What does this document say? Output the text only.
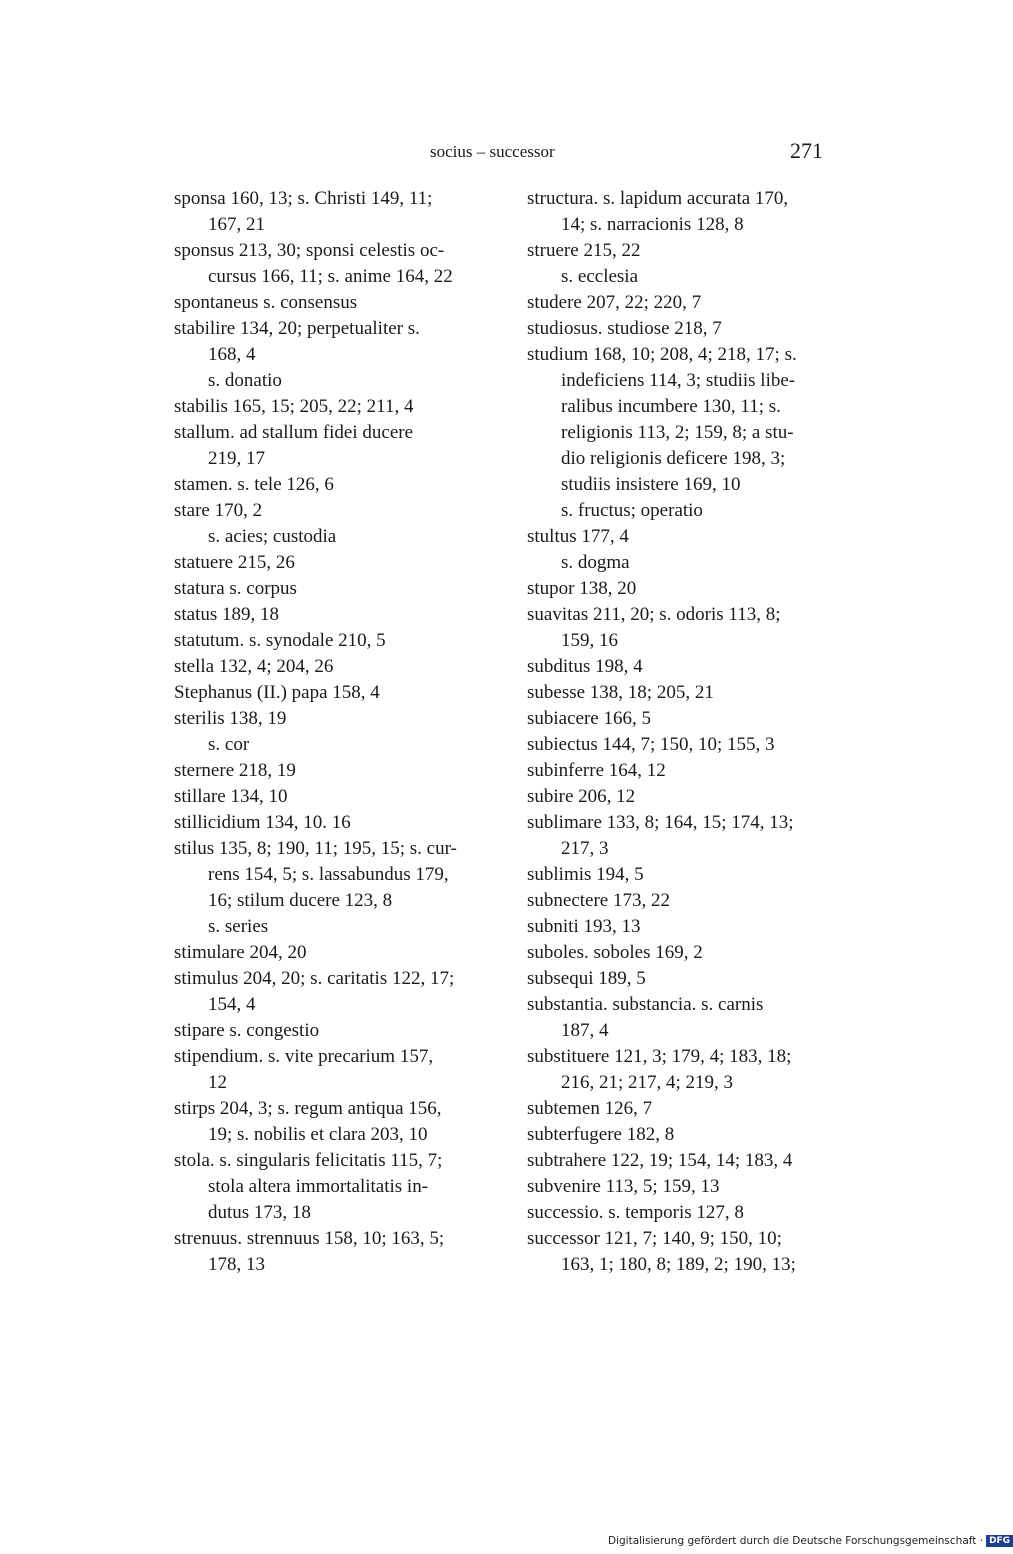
socius – successor	271
sponsa 160, 13; s. Christi 149, 11;
167, 21
sponsus 213, 30; sponsi celestis oc-
cursus 166, 11; s. anime 164, 22
spontaneus s. consensus
stabilire 134, 20; perpetualiter s.
168, 4
s. donatio
stabilis 165, 15; 205, 22; 211, 4
stallum. ad stallum fidei ducere
219, 17
stamen. s. tele 126, 6
stare 170, 2
s. acies; custodia
statuere 215, 26
statura s. corpus
status 189, 18
statutum. s. synodale 210, 5
stella 132, 4; 204, 26
Stephanus (II.) papa 158, 4
sterilis 138, 19
s. cor
sternere 218, 19
stillare 134, 10
stillicidium 134, 10. 16
stilus 135, 8; 190, 11; 195, 15; s. cur-
rens 154, 5; s. lassabundus 179,
16; stilum ducere 123, 8
s. series
stimulare 204, 20
stimulus 204, 20; s. caritatis 122, 17;
154, 4
stipare s. congestio
stipendium. s. vite precarium 157,
12
stirps 204, 3; s. regum antiqua 156,
19; s. nobilis et clara 203, 10
stola. s. singularis felicitatis 115, 7;
stola altera immortalitatis in-
dutus 173, 18
strenuus. strennuus 158, 10; 163, 5;
178, 13
structura. s. lapidum accurata 170,
14; s. narracionis 128, 8
struere 215, 22
s. ecclesia
studere 207, 22; 220, 7
studiosus. studiose 218, 7
studium 168, 10; 208, 4; 218, 17; s.
indeficiens 114, 3; studiis libe-
ralibus incumbere 130, 11; s.
religionis 113, 2; 159, 8; a stu-
dio religionis deficere 198, 3;
studiis insistere 169, 10
s. fructus; operatio
stultus 177, 4
s. dogma
stupor 138, 20
suavitas 211, 20; s. odoris 113, 8;
159, 16
subditus 198, 4
subesse 138, 18; 205, 21
subiacere 166, 5
subiectus 144, 7; 150, 10; 155, 3
subinferre 164, 12
subire 206, 12
sublimare 133, 8; 164, 15; 174, 13;
217, 3
sublimis 194, 5
subnectere 173, 22
subniti 193, 13
suboles. soboles 169, 2
subsequi 189, 5
substantia. substancia. s. carnis
187, 4
substituere 121, 3; 179, 4; 183, 18;
216, 21; 217, 4; 219, 3
subtemen 126, 7
subterfugere 182, 8
subtrahere 122, 19; 154, 14; 183, 4
subvenire 113, 5; 159, 13
successio. s. temporis 127, 8
successor 121, 7; 140, 9; 150, 10;
163, 1; 180, 8; 189, 2; 190, 13;
Digitalisierung gefördert durch die Deutsche Forschungsgemeinschaft · DFG
